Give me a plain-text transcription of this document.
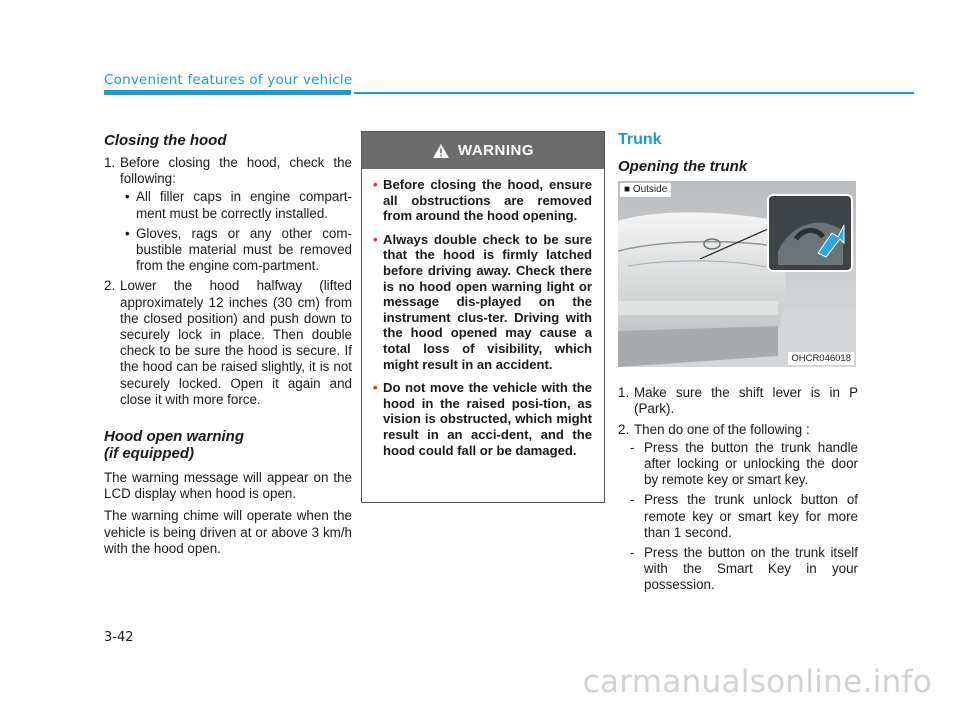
Convenient features of your vehicle
Closing the hood
1. Before closing the hood, check the following:
• All filler caps in engine compart-ment must be correctly installed.
• Gloves, rags or any other com-bustible material must be removed from the engine com-partment.
2. Lower the hood halfway (lifted approximately 12 inches (30 cm) from the closed position) and push down to securely lock in place. Then double check to be sure the hood is secure. If the hood can be raised slightly, it is not securely locked. Open it again and close it with more force.
Hood open warning
(if equipped)

The warning message will appear on the LCD display when hood is open.

The warning chime will operate when the vehicle is being driven at or above 3 km/h with the hood open.

WARNING
• Before closing the hood, ensure all obstructions are removed from around the hood opening.
• Always double check to be sure that the hood is firmly latched before driving away. Check there is no hood open warning light or message dis-played on the instrument clus-ter. Driving with the hood opened may cause a total loss of visibility, which might result in an accident.
• Do not move the vehicle with the hood in the raised posi-tion, as vision is obstructed, which might result in an acci-dent, and the hood could fall or be damaged.
Trunk
Opening the trunk
■ Outside
OHCR046018
1. Make sure the shift lever is in P (Park).
2. Then do one of the following :
- Press the button the trunk handle after locking or unlocking the door by remote key or smart key.
- Press the trunk unlock button of remote key or smart key for more than 1 second.
- Press the button on the trunk itself with the Smart Key in your possession.
3-42
carmanualsonline.info
